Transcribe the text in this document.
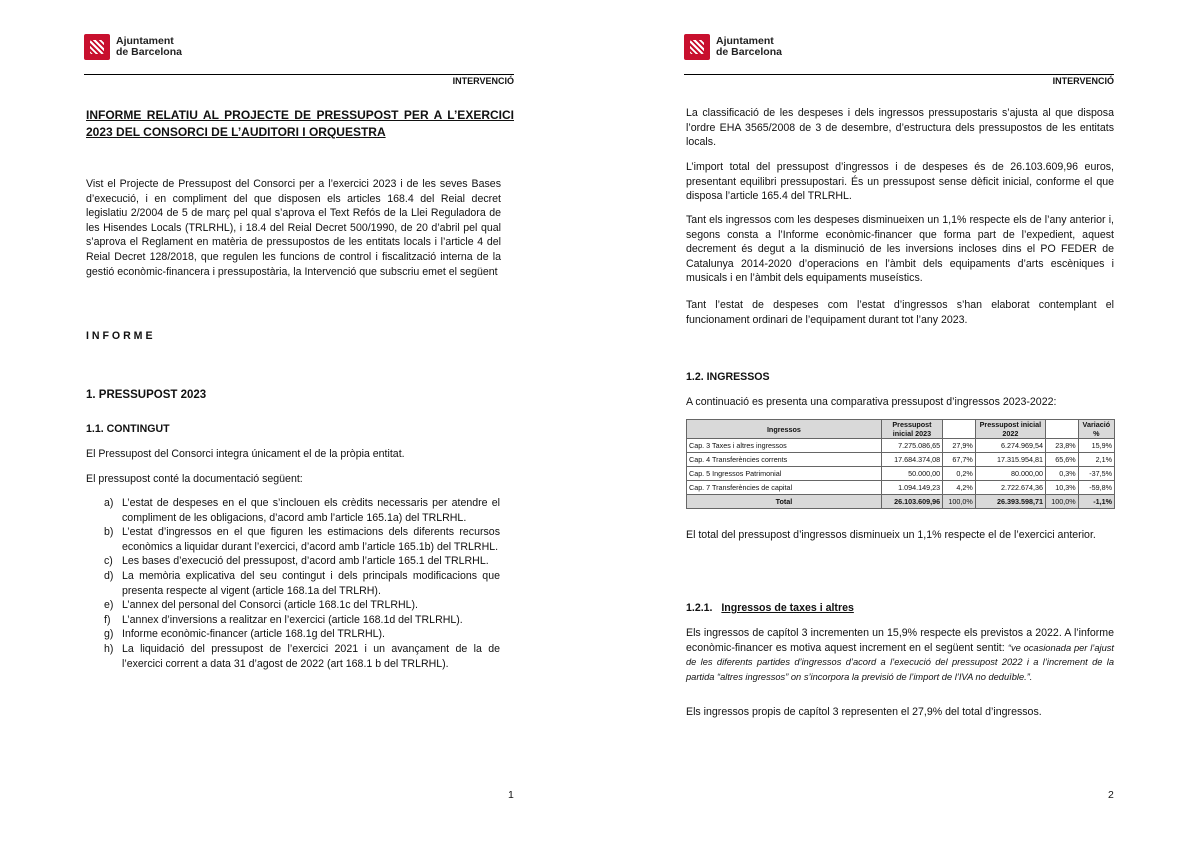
Ajuntament
de Barcelona
INTERVENCIÓ
INFORME RELATIU AL PROJECTE DE PRESSUPOST PER A L’EXERCICI 2023 DEL CONSORCI DE L’AUDITORI I ORQUESTRA
Vist el Projecte de Pressupost del Consorci per a l’exercici 2023 i de les seves Bases d’execució, i en compliment del que disposen els articles 168.4 del Reial decret legislatiu 2/2004 de 5 de març pel qual s’aprova el Text Refós de la Llei Reguladora de les Hisendes Locals (TRLRHL), i 18.4 del Reial Decret 500/1990, de 20 d’abril pel qual s’aprova el Reglament en matèria de pressupostos de les entitats locals i l’article 4 del Reial Decret 128/2018, que regulen les funcions de control i fiscalització interna de la gestió econòmic-financera i pressupostària, la Intervenció que subscriu emet el següent
I N F O R M E
1. PRESSUPOST 2023
1.1. CONTINGUT
El Pressupost del Consorci integra únicament el de la pròpia entitat.
El pressupost conté la documentació següent:
a) L’estat de despeses en el que s’inclouen els crèdits necessaris per atendre el compliment de les obligacions, d’acord amb l’article 165.1a) del TRLRHL.
b) L’estat d’ingressos en el que figuren les estimacions dels diferents recursos econòmics a liquidar durant l’exercici, d’acord amb l’article 165.1b) del TRLRHL.
c) Les bases d’execució del pressupost, d’acord amb l’article 165.1 del TRLRHL.
d) La memòria explicativa del seu contingut i dels principals modificacions que presenta respecte al vigent (article 168.1a del TRLRH).
e) L’annex del personal del Consorci (article 168.1c del TRLRHL).
f) L’annex d’inversions a realitzar en l’exercici (article 168.1d del TRLRHL).
g) Informe econòmic-financer (article 168.1g del TRLRHL).
h) La liquidació del pressupost de l’exercici 2021 i un avançament de la de l’exercici corrent a data 31 d’agost de 2022 (art 168.1 b del TRLRHL).
1
Ajuntament
de Barcelona
INTERVENCIÓ
La classificació de les despeses i dels ingressos pressupostaris s’ajusta al que disposa l’ordre EHA 3565/2008 de 3 de desembre, d’estructura dels pressupostos de les entitats locals.
L’import total del pressupost d’ingressos i de despeses és de 26.103.609,96 euros, presentant equilibri pressupostari. És un pressupost sense dèficit inicial, conforme el que disposa l’article 165.4 del TRLRHL.
Tant els ingressos com les despeses disminueixen un 1,1% respecte els de l’any anterior i, segons consta a l’Informe econòmic-financer que forma part de l’expedient, aquest decrement és degut a la disminució de les inversions incloses dins el PO FEDER de Catalunya 2014-2020 d’operacions en l’àmbit dels equipaments d’arts escèniques i musicals i en l’àmbit dels equipaments museístics.
Tant l’estat de despeses com l’estat d’ingressos s’han elaborat contemplant el funcionament ordinari de l’equipament durant tot l’any 2023.
1.2. INGRESSOS
A continuació es presenta una comparativa pressupost d’ingressos 2023-2022:
Ingressos	Pressupost inicial 2023		Pressupost inicial 2022		Variació %
Cap. 3 Taxes i altres ingressos	7.275.086,65	27,9%	6.274.969,54	23,8%	15,9%
Cap. 4 Transferències corrents	17.684.374,08	67,7%	17.315.954,81	65,6%	2,1%
Cap. 5 Ingressos Patrimonial	50.000,00	0,2%	80.000,00	0,3%	-37,5%
Cap. 7 Transferències de capital	1.094.149,23	4,2%	2.722.674,36	10,3%	-59,8%
Total	26.103.609,96	100,0%	26.393.598,71	100,0%	-1,1%
El total del pressupost d’ingressos disminueix un 1,1% respecte el de l’exercici anterior.
1.2.1. Ingressos de taxes i altres
Els ingressos de capítol 3 incrementen un 15,9% respecte els previstos a 2022. A l’informe econòmic-financer es motiva aquest increment en el següent sentit: “ve ocasionada per l’ajust de les diferents partides d’ingressos d’acord a l’execució del pressupost 2022 i a l’increment de la partida “altres ingressos” on s’incorpora la previsió de l’import de l’IVA no deduïble.”.
Els ingressos propis de capítol 3 representen el 27,9% del total d’ingressos.
2
